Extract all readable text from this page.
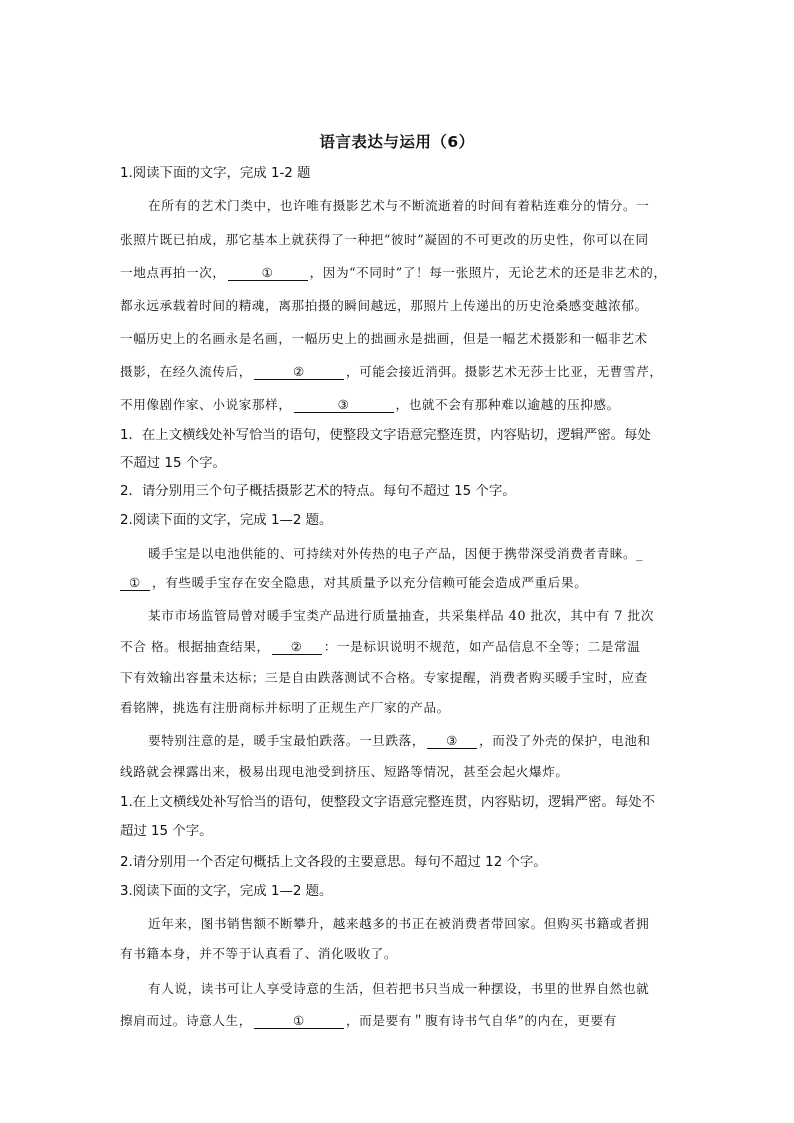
语言表达与运用（6）
1.阅读下面的文字，完成 1-2 题
在所有的艺术门类中，也许唯有摄影艺术与不断流逝着的时间有着粘连难分的情分。一
张照片既已拍成，那它基本上就获得了一种把“彼时”凝固的不可更改的历史性，你可以在同
一地点再拍一次，	①	，因为“不同时”了！每一张照片，无论艺术的还是非艺术的，
都永远承载着时间的精魂，离那拍摄的瞬间越远，那照片上传递出的历史沧桑感变越浓郁。
一幅历史上的名画永是名画，一幅历史上的拙画永是拙画，但是一幅艺术摄影和一幅非艺术
摄影，在经久流传后，	②	，可能会接近消弭。摄影艺术无莎士比亚，无曹雪芹，
不用像剧作家、小说家那样，	③	，也就不会有那种难以逾越的压抑感。
1．在上文横线处补写恰当的语句，使整段文字语意完整连贯，内容贴切，逻辑严密。每处
不超过 15 个字。
2．请分别用三个句子概括摄影艺术的特点。每句不超过 15 个字。
2.阅读下面的文字，完成 1—2 题。
暖手宝是以电池供能的、可持续对外传热的电子产品，因便于携带深受消费者青睐。_
① ，有些暖手宝存在安全隐患，对其质量予以充分信赖可能会造成严重后果。
某市市场监管局曾对暖手宝类产品进行质量抽查，共采集样品 40 批次，其中有 7 批次
不合 格。根据抽查结果， ② ：一是标识说明不规范，如产品信息不全等；二是常温
下有效输出容量未达标；三是自由跌落测试不合格。专家提醒，消费者购买暖手宝时，应查
看铭牌，挑选有注册商标并标明了正规生产厂家的产品。
要特别注意的是，暖手宝最怕跌落。一旦跌落， ③ ，而没了外壳的保护，电池和
线路就会裸露出来，极易出现电池受到挤压、短路等情况，甚至会起火爆炸。
1.在上文横线处补写恰当的语句，使整段文字语意完整连贯，内容贴切，逻辑严密。每处不
超过 15 个字。
2.请分别用一个否定句概括上文各段的主要意思。每句不超过 12 个字。
3.阅读下面的文字，完成 1—2 题。
近年来，图书销售额不断攀升，越来越多的书正在被消费者带回家。但购买书籍或者拥
有书籍本身，并不等于认真看了、消化吸收了。
有人说，读书可让人享受诗意的生活，但若把书只当成一种摆设，书里的世界自然也就
擦肩而过。诗意人生，	①	，而是要有＂腹有诗书气自华”的内在，更要有
